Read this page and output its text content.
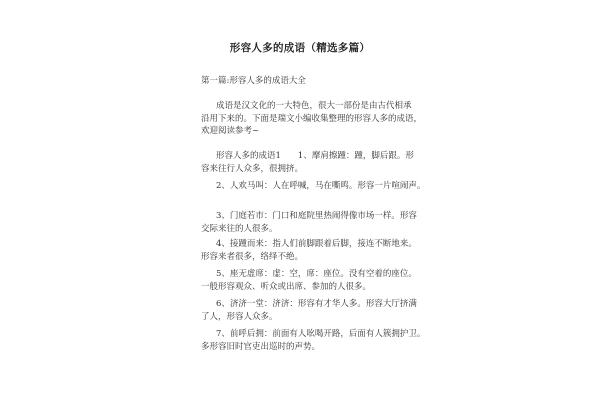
形容人多的成语（精选多篇）
第一篇:形容人多的成语大全
成语是汉文化的一大特色，很大一部份是由古代相承
沿用下来的。下面是瑞文小编收集整理的形容人多的成语，
欢迎阅读参考~
形容人多的成语1　　1、摩肩擦踵：踵，脚后跟。形
容来往行人众多，很拥挤。
2、人欢马叫：人在呼喊，马在嘶鸣。形容一片喧闹声。
3、门庭若市：门口和庭院里热闹得像市场一样。形容
交际来往的人很多。
4、接踵而来：指人们前脚跟着后脚，接连不断地来。
形容来者很多，络绎不绝。
5、座无虚席：虚：空，席：座位。没有空着的座位。
一般形容观众、听众或出席、参加的人很多。
6、济济一堂：济济：形容有才华人多。形容大厅挤满
了人，形容人众多。
7、前呼后拥：前面有人吆喝开路，后面有人簇拥护卫。
多形容旧时官吏出巡时的声势。
